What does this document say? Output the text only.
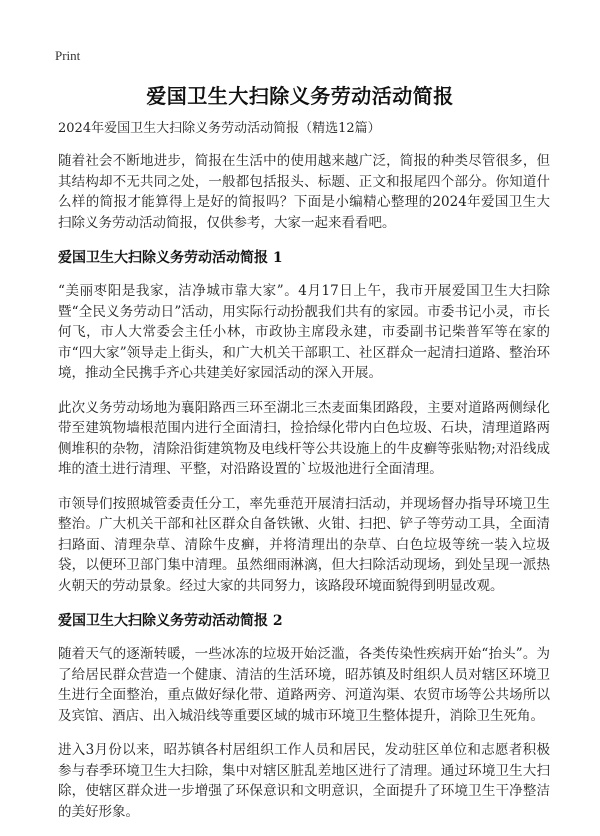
Print
爱国卫生大扫除义务劳动活动简报

2024年爱国卫生大扫除义务劳动活动简报（精选12篇）

随着社会不断地进步，简报在生活中的使用越来越广泛，简报的种类尽管很多，但其结构却不无共同之处，一般都包括报头、标题、正文和报尾四个部分。你知道什么样的简报才能算得上是好的简报吗？下面是小编精心整理的2024年爱国卫生大扫除义务劳动活动简报，仅供参考，大家一起来看看吧。

爱国卫生大扫除义务劳动活动简报 1

“美丽枣阳是我家，洁净城市靠大家”。4月17日上午，我市开展爱国卫生大扫除暨“全民义务劳动日”活动，用实际行动扮靓我们共有的家园。市委书记小灵，市长何飞，市人大常委会主任小林，市政协主席段永建，市委副书记柴普军等在家的市“四大家”领导走上街头，和广大机关干部职工、社区群众一起清扫道路、整治环境，推动全民携手齐心共建美好家园活动的深入开展。

此次义务劳动场地为襄阳路西三环至湖北三杰麦面集团路段，主要对道路两侧绿化带至建筑物墙根范围内进行全面清扫，捡拾绿化带内白色垃圾、石块，清理道路两侧堆积的杂物，清除沿街建筑物及电线杆等公共设施上的牛皮癣等张贴物;对沿线成堆的渣土进行清理、平整，对沿路设置的`垃圾池进行全面清理。

市领导们按照城管委责任分工，率先垂范开展清扫活动，并现场督办指导环境卫生整治。广大机关干部和社区群众自备铁锹、火钳、扫把、铲子等劳动工具，全面清扫路面、清理杂草、清除牛皮癣，并将清理出的杂草、白色垃圾等统一装入垃圾袋，以便环卫部门集中清理。虽然细雨淋漓，但大扫除活动现场，到处呈现一派热火朝天的劳动景象。经过大家的共同努力，该路段环境面貌得到明显改观。

爱国卫生大扫除义务劳动活动简报 2

随着天气的逐渐转暖，一些冰冻的垃圾开始泛滥，各类传染性疾病开始“抬头”。为了给居民群众营造一个健康、清洁的生活环境，昭苏镇及时组织人员对辖区环境卫生进行全面整治，重点做好绿化带、道路两旁、河道沟渠、农贸市场等公共场所以及宾馆、酒店、出入城沿线等重要区域的城市环境卫生整体提升，消除卫生死角。

进入3月份以来，昭苏镇各村居组织工作人员和居民，发动驻区单位和志愿者积极参与春季环境卫生大扫除，集中对辖区脏乱差地区进行了清理。通过环境卫生大扫除，使辖区群众进一步增强了环保意识和文明意识，全面提升了环境卫生干净整洁的美好形象。
